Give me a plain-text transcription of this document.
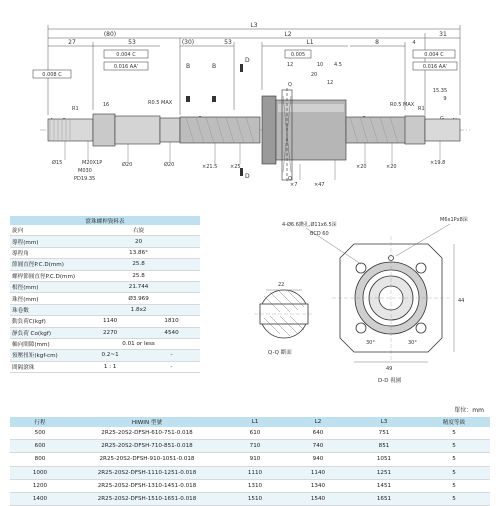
L3
(80)	L2	31
27	53	(30)	53	L1	8
0.004 C
0.016 AA'
0.008 C
0.005	0.004 C
0.016 AA'
B	B
D
Q
Q
D
R1	R1
R0.5 MAX	R0.5 MAX
16
12	10
20
12
4.5
15.35
9
4
Ø15	M20X1P
M030
PD19.35
Ø20	Ø20	×21.5	×25
×7	×47
×20	×20
×19.8
滾珠螺桿資料表		
旋向	右旋	
導程(mm)	20	
導程角	13.86°	
節圓直徑P.C.D(mm)	25.8	
螺桿節圓直徑P.C.D(mm)	25.8	
根徑(mm)	21.744	
珠徑(mm)	Ø3.969	
珠卷數	1.8x2	
動負荷C(kgf)	1140	1810
靜負荷 Co(kgf)	2270	4540
軸向間隙(mm)	0.01 or less	
預壓扭矩(kgf-cm)	0.2~1	-
間隔滾珠	1 : 1	-
22
Q-Q 斷面
4-Ø6.6鑽孔,Ø11x6.5深
M6x1Px8深
BCD 60
44
49
30°	30°
D-D 視圖
單位：mm
行程	HIWIN 型號	L1	L2	L3	精度等級
500	2R25-20S2-DFSH-610-751-0.018	610	640	751	5
600	2R25-20S2-DFSH-710-851-0.018	710	740	851	5
800	2R25-20S2-DFSH-910-1051-0.018	910	940	1051	5
1000	2R25-20S2-DFSH-1110-1251-0.018	1110	1140	1251	5
1200	2R25-20S2-DFSH-1310-1451-0.018	1310	1340	1451	5
1400	2R25-20S2-DFSH-1510-1651-0.018	1510	1540	1651	5
